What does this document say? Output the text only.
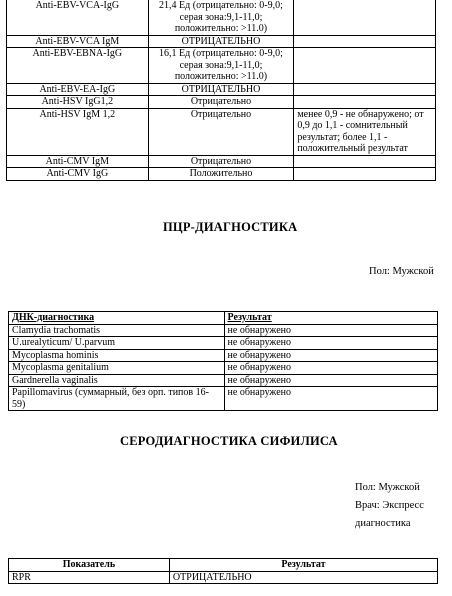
Anti-EBV-VCA-IgG	21,4 Ед (отрицательно: 0-9,0; серая зона:9,1-11,0; положительно: >11.0)	
Anti-EBV-VCA IgM	ОТРИЦАТЕЛЬНО	
Anti-EBV-EBNA-IgG	16,1 Ед (отрицательно: 0-9,0; серая зона:9,1-11,0; положительно: >11.0)	
Anti-EBV-EA-IgG	ОТРИЦАТЕЛЬНО	
Anti-HSV IgG1,2	Отрицательно	
Anti-HSV IgM 1,2	Отрицательно	менее 0,9 - не обнаружено; от 0,9 до 1,1 - сомнительный результат; более 1,1 - положительный результат
Anti-CMV IgM	Отрицательно	
Anti-CMV IgG	Положительно	
ПЦР-ДИАГНОСТИКА
Пол: Мужской
ДНК-диагностика	Результат
Clamydia trachomatis	не обнаружено
U.urealyticum/ U.parvum	не обнаружено
Mycoplasma hominis	не обнаружено
Mycoplasma genitalium	не обнаружено
Gardnerella vaginalis	не обнаружено
Papillomavirus (суммарный, без орп. типов 16-59)	не обнаружено
СЕРОДИАГНОСТИКА СИФИЛИСА
Пол: Мужской
Врач: Экспресс
диагностика
Показатель	Результат
RPR	ОТРИЦАТЕЛЬНО
